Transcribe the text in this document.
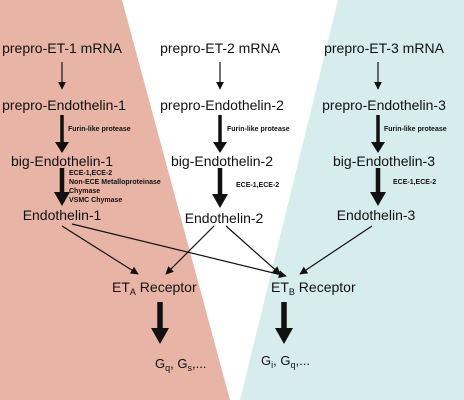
prepro-ET-1 mRNA
prepro-Endothelin-1
Furin-like protease
big-Endothelin-1
ECE-1,ECE-2
Non-ECE Metalloproteinase
Chymase
VSMC Chymase
Endothelin-1
prepro-ET-2 mRNA
prepro-Endothelin-2
Furin-like protease
big-Endothelin-2
ECE-1,ECE-2
Endothelin-2
prepro-ET-3 mRNA
prepro-Endothelin-3
Furin-like protease
big-Endothelin-3
ECE-1,ECE-2
Endothelin-3
$ET_A$ Receptor	$ET_B$ Receptor
$G_q$, $G_s$,...	$G_i$, $G_q$,...
